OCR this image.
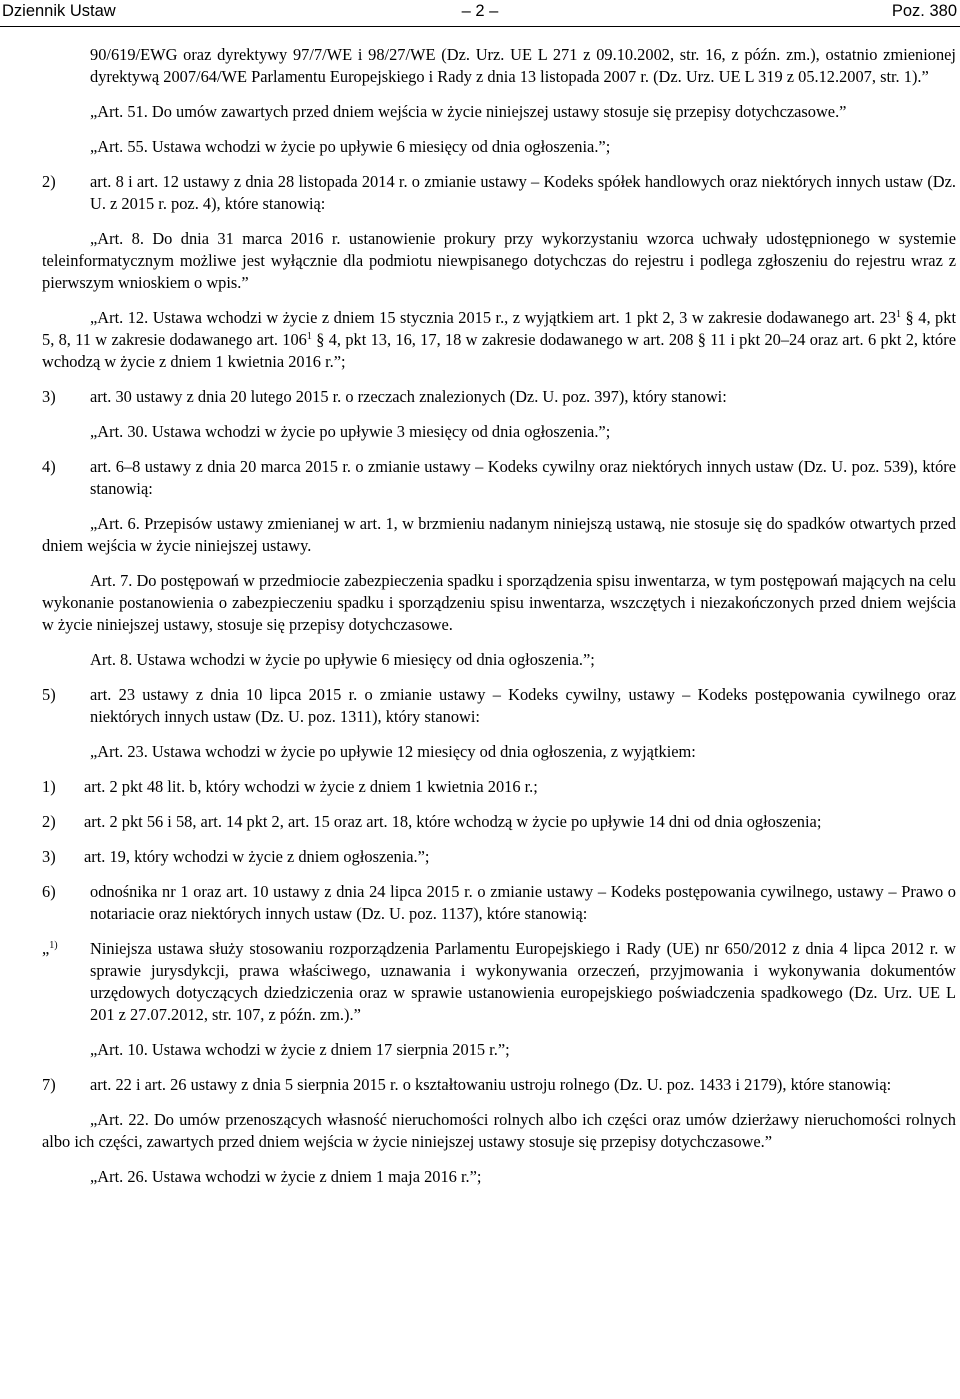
– 2 –
Dziennik Ustaw	Poz. 380

90/619/EWG oraz dyrektywy 97/7/WE i 98/27/WE (Dz. Urz. UE L 271 z 09.10.2002, str. 16, z późn. zm.), ostatnio zmienionej dyrektywą 2007/64/WE Parlamentu Europejskiego i Rady z dnia 13 listopada 2007 r. (Dz. Urz. UE L 319 z 05.12.2007, str. 1).”

„Art. 51. Do umów zawartych przed dniem wejścia w życie niniejszej ustawy stosuje się przepisy dotychczasowe.”

„Art. 55. Ustawa wchodzi w życie po upływie 6 miesięcy od dnia ogłoszenia.”;

2) art. 8 i art. 12 ustawy z dnia 28 listopada 2014 r. o zmianie ustawy – Kodeks spółek handlowych oraz niektórych innych ustaw (Dz. U. z 2015 r. poz. 4), które stanowią:

„Art. 8. Do dnia 31 marca 2016 r. ustanowienie prokury przy wykorzystaniu wzorca uchwały udostępnionego w systemie teleinformatycznym możliwe jest wyłącznie dla podmiotu niewpisanego dotychczas do rejestru i podlega zgłoszeniu do rejestru wraz z pierwszym wnioskiem o wpis.”

„Art. 12. Ustawa wchodzi w życie z dniem 15 stycznia 2015 r., z wyjątkiem art. 1 pkt 2, 3 w zakresie dodawanego art. $23^1$ § 4, pkt 5, 8, 11 w zakresie dodawanego art. $106^1$ § 4, pkt 13, 16, 17, 18 w zakresie dodawanego w art. 208 § 11 i pkt 20–24 oraz art. 6 pkt 2, które wchodzą w życie z dniem 1 kwietnia 2016 r.”;

3) art. 30 ustawy z dnia 20 lutego 2015 r. o rzeczach znalezionych (Dz. U. poz. 397), który stanowi:

„Art. 30. Ustawa wchodzi w życie po upływie 3 miesięcy od dnia ogłoszenia.”;

4) art. 6–8 ustawy z dnia 20 marca 2015 r. o zmianie ustawy – Kodeks cywilny oraz niektórych innych ustaw (Dz. U. poz. 539), które stanowią:

„Art. 6. Przepisów ustawy zmienianej w art. 1, w brzmieniu nadanym niniejszą ustawą, nie stosuje się do spadków otwartych przed dniem wejścia w życie niniejszej ustawy.

Art. 7. Do postępowań w przedmiocie zabezpieczenia spadku i sporządzenia spisu inwentarza, w tym postępowań mających na celu wykonanie postanowienia o zabezpieczeniu spadku i sporządzeniu spisu inwentarza, wszczętych i niezakończonych przed dniem wejścia w życie niniejszej ustawy, stosuje się przepisy dotychczasowe.

Art. 8. Ustawa wchodzi w życie po upływie 6 miesięcy od dnia ogłoszenia.”;

5) art. 23 ustawy z dnia 10 lipca 2015 r. o zmianie ustawy – Kodeks cywilny, ustawy – Kodeks postępowania cywilnego oraz niektórych innych ustaw (Dz. U. poz. 1311), który stanowi:

„Art. 23. Ustawa wchodzi w życie po upływie 12 miesięcy od dnia ogłoszenia, z wyjątkiem:

1) art. 2 pkt 48 lit. b, który wchodzi w życie z dniem 1 kwietnia 2016 r.;

2) art. 2 pkt 56 i 58, art. 14 pkt 2, art. 15 oraz art. 18, które wchodzą w życie po upływie 14 dni od dnia ogłoszenia;

3) art. 19, który wchodzi w życie z dniem ogłoszenia.”;

6) odnośnika nr 1 oraz art. 10 ustawy z dnia 24 lipca 2015 r. o zmianie ustawy – Kodeks postępowania cywilnego, ustawy – Prawo o notariacie oraz niektórych innych ustaw (Dz. U. poz. 1137), które stanowią:

„$^{1)}$ Niniejsza ustawa służy stosowaniu rozporządzenia Parlamentu Europejskiego i Rady (UE) nr 650/2012 z dnia 4 lipca 2012 r. w sprawie jurysdykcji, prawa właściwego, uznawania i wykonywania orzeczeń, przyjmowania i wykonywania dokumentów urzędowych dotyczących dziedziczenia oraz w sprawie ustanowienia europejskiego poświadczenia spadkowego (Dz. Urz. UE L 201 z 27.07.2012, str. 107, z późn. zm.).”

„Art. 10. Ustawa wchodzi w życie z dniem 17 sierpnia 2015 r.”;

7) art. 22 i art. 26 ustawy z dnia 5 sierpnia 2015 r. o kształtowaniu ustroju rolnego (Dz. U. poz. 1433 i 2179), które stanowią:

„Art. 22. Do umów przenoszących własność nieruchomości rolnych albo ich części oraz umów dzierżawy nieruchomości rolnych albo ich części, zawartych przed dniem wejścia w życie niniejszej ustawy stosuje się przepisy dotychczasowe.”

„Art. 26. Ustawa wchodzi w życie z dniem 1 maja 2016 r.”;
